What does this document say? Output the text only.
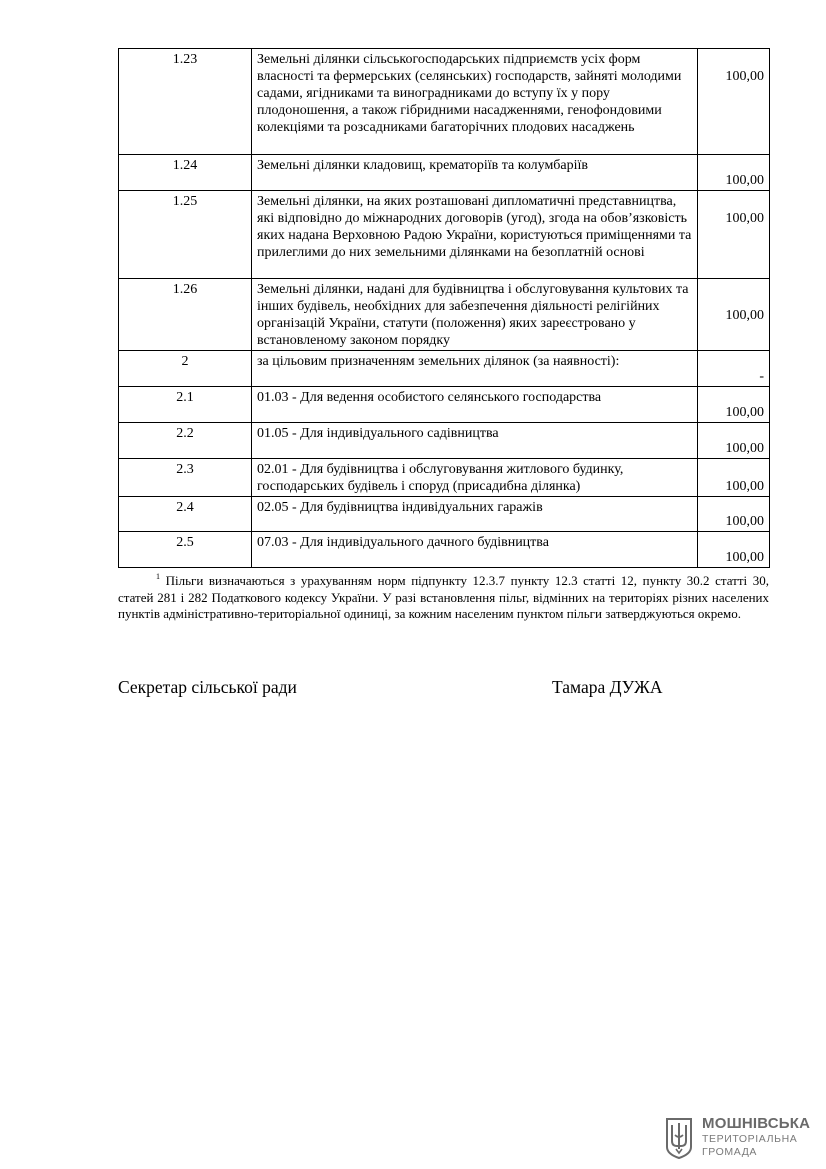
1.23	Земельні ділянки сільськогосподарських підприємств усіх форм власності та фермерських (селянських) господарств, зайняті молодими садами, ягідниками та виноградниками до вступу їх у пору плодоношення, а також гібридними насадженнями, генофондовими колекціями та розсадниками багаторічних плодових насаджень	100,00
1.24	Земельні ділянки кладовищ, крематоріїв та колумбаріїв	100,00
1.25	Земельні ділянки, на яких розташовані дипломатичні представництва, які відповідно до міжнародних договорів (угод), згода на обов’язковість яких надана Верховною Радою України, користуються приміщеннями та прилеглими до них земельними ділянками на безоплатній основі	100,00
1.26	Земельні ділянки, надані для будівництва і обслуговування культових та інших будівель, необхідних для забезпечення діяльності релігійних організацій України, статути (положення) яких зареєстровано у встановленому законом порядку	100,00
2	за цільовим призначенням земельних ділянок (за наявності):	-
2.1	01.03 - Для ведення особистого селянського господарства	100,00
2.2	01.05 - Для індивідуального садівництва	100,00
2.3	02.01 - Для будівництва і обслуговування житлового будинку, господарських будівель і споруд (присадибна ділянка)	100,00
2.4	02.05 - Для будівництва індивідуальних гаражів	100,00
2.5	07.03 - Для індивідуального дачного будівництва	100,00
$^1$ Пільги визначаються з урахуванням норм підпункту 12.3.7 пункту 12.3 статті 12, пункту 30.2 статті 30, статей 281 і 282 Податкового кодексу України. У разі встановлення пільг, відмінних на територіях різних населених пунктів адміністративно-територіальної одиниці, за кожним населеним пунктом пільги затверджуються окремо.
Секретар сільської ради	Тамара ДУЖА
МОШНІВСЬКА
ТЕРИТОРІАЛЬНА
ГРОМАДА
